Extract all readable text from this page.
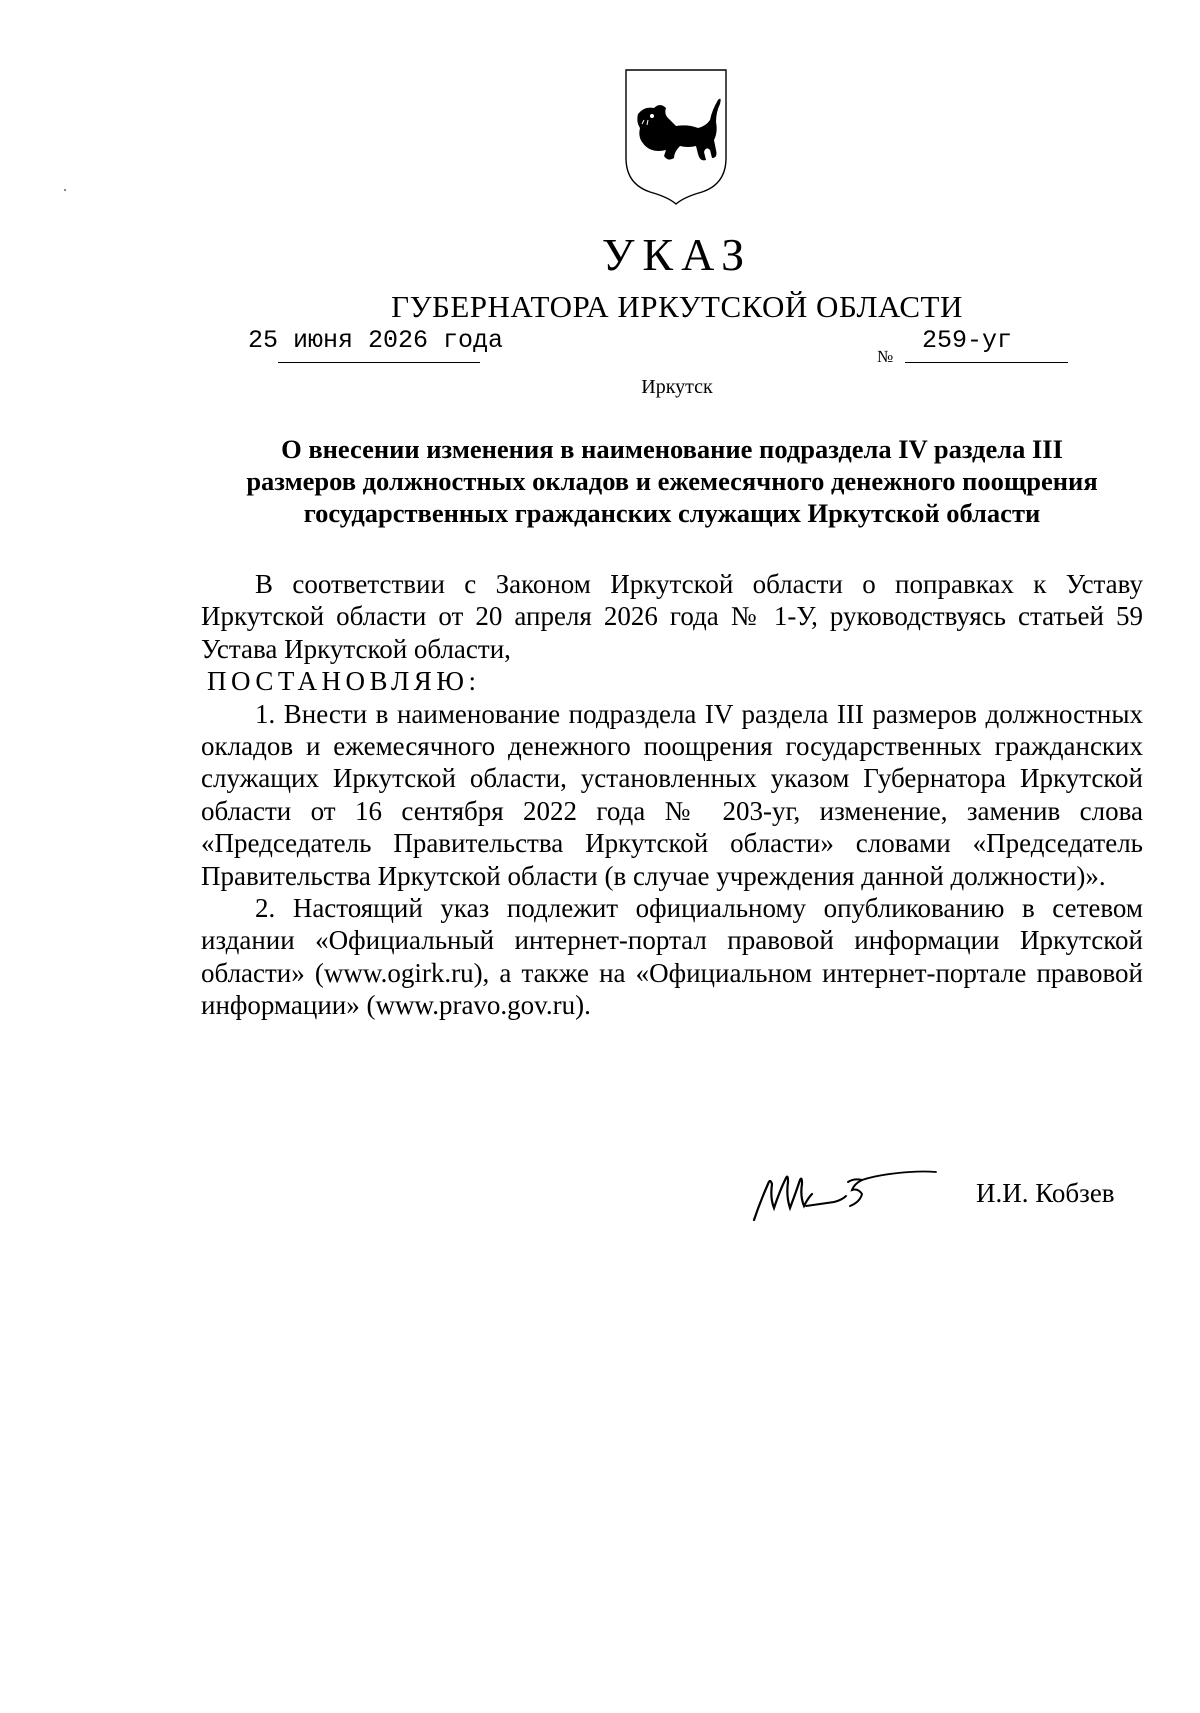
УКАЗ
ГУБЕРНАТОРА ИРКУТСКОЙ ОБЛАСТИ
25 июня 2026 года
№
259-уг
Иркутск
О внесении изменения в наименование подраздела IV раздела III
размеров должностных окладов и ежемесячного денежного поощрения
государственных гражданских служащих Иркутской области

В соответствии с Законом Иркутской области о поправках к Уставу Иркутской области от 20 апреля 2026 года № 1-У, руководствуясь статьей 59 Устава Иркутской области,

ПОСТАНОВЛЯЮ:

1. Внести в наименование подраздела IV раздела III размеров должностных окладов и ежемесячного денежного поощрения государственных гражданских служащих Иркутской области, установленных указом Губернатора Иркутской области от 16 сентября 2022 года № 203-уг, изменение, заменив слова «Председатель Правительства Иркутской области» словами «Председатель Правительства Иркутской области (в случае учреждения данной должности)».

2. Настоящий указ подлежит официальному опубликованию в сетевом издании «Официальный интернет-портал правовой информации Иркутской области» (www.ogirk.ru), а также на «Официальном интернет-портале правовой информации» (www.pravo.gov.ru).

И.И. Кобзев
